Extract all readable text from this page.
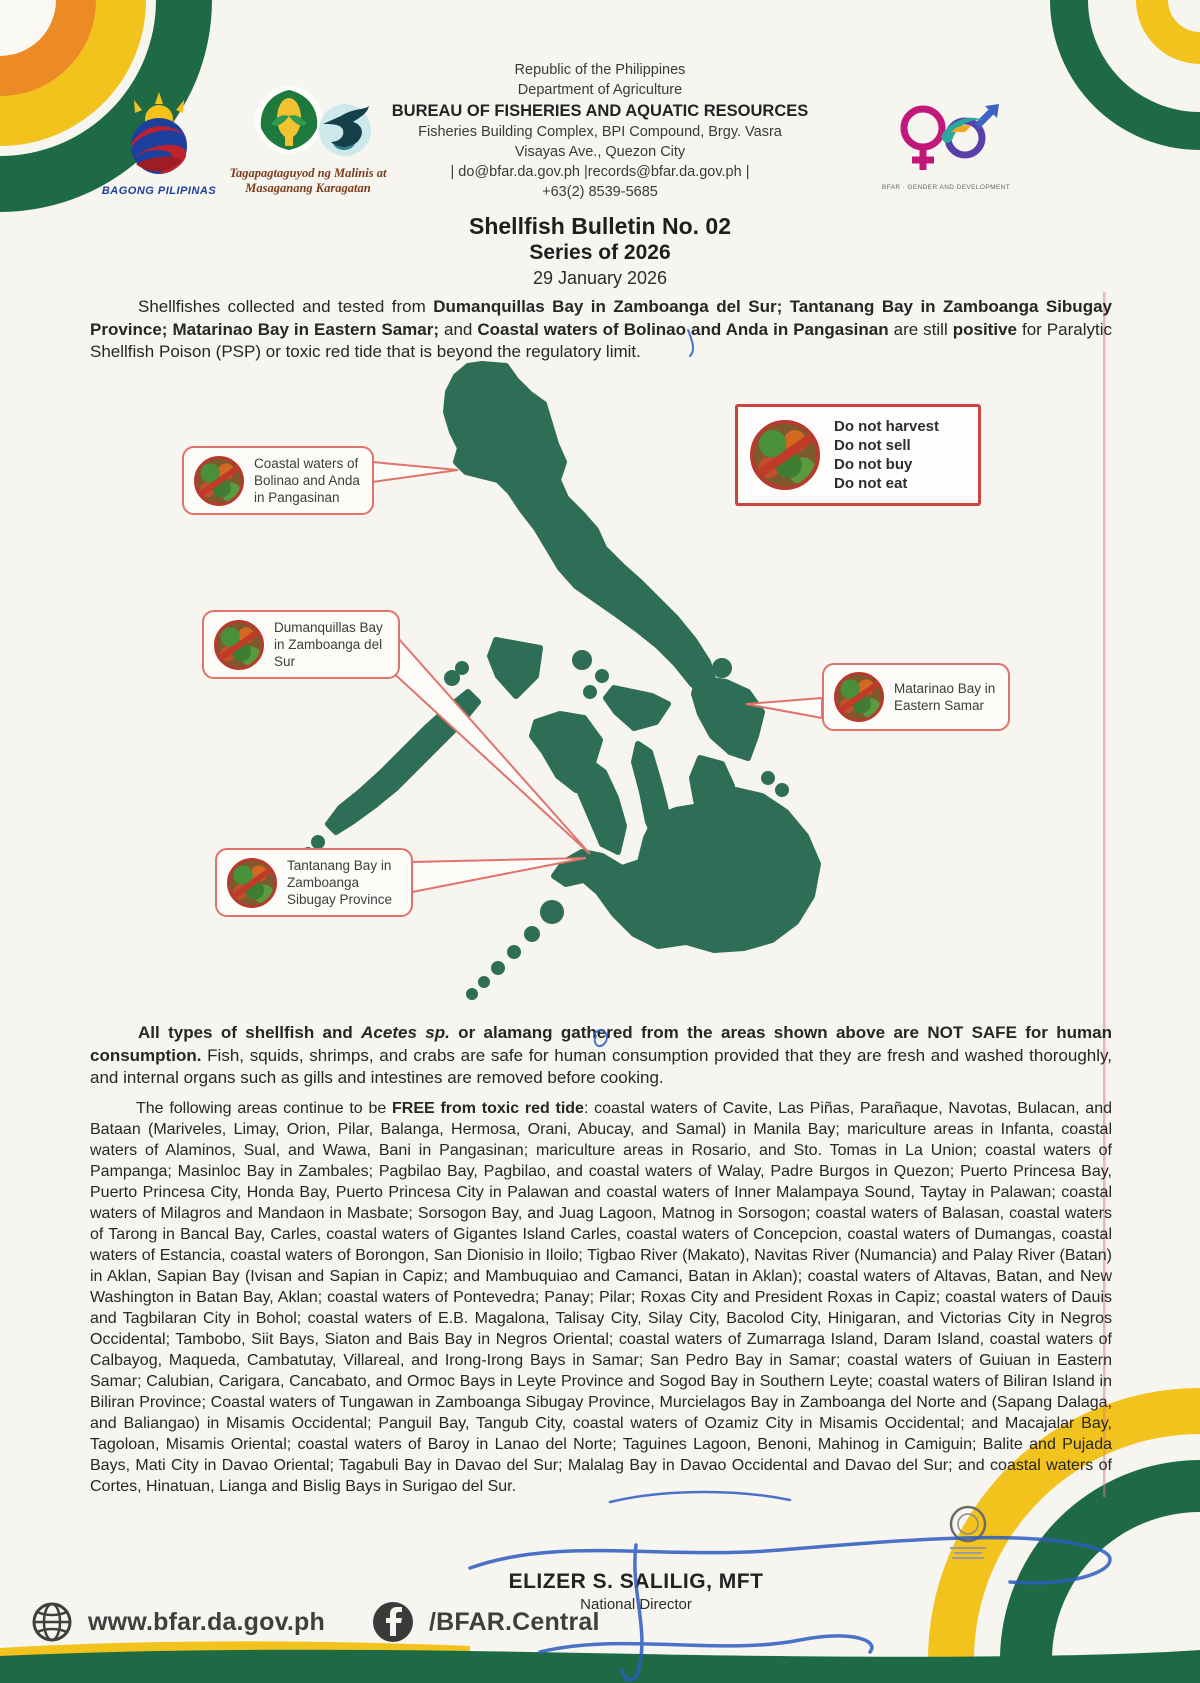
BAGONG PILIPINAS
Tagapagtaguyod ng Malinis at
Masaganang Karagatan
Republic of the Philippines
Department of Agriculture
BUREAU OF FISHERIES AND AQUATIC RESOURCES
Fisheries Building Complex, BPI Compound, Brgy. Vasra
Visayas Ave., Quezon City
| do@bfar.da.gov.ph |records@bfar.da.gov.ph |
+63(2) 8539-5685	BFAR · GENDER AND DEVELOPMENT
Shellfish Bulletin No. 02
Series of 2026
29 January 2026

Shellfishes collected and tested from Dumanquillas Bay in Zamboanga del Sur; Tantanang Bay in Zamboanga Sibugay Province; Matarinao Bay in Eastern Samar; and Coastal waters of Bolinao and Anda in Pangasinan are still positive for Paralytic Shellfish Poison (PSP) or toxic red tide that is beyond the regulatory limit.

Coastal waters of Bolinao and Anda in Pangasinan
Do not harvest
Do not sell
Do not buy
Do not eat
Dumanquillas Bay in Zamboanga del Sur
Matarinao Bay in Eastern Samar
Tantanang Bay in Zamboanga Sibugay Province

All types of shellfish and Acetes sp. or alamang gathered from the areas shown above are NOT SAFE for human consumption. Fish, squids, shrimps, and crabs are safe for human consumption provided that they are fresh and washed thoroughly, and internal organs such as gills and intestines are removed before cooking.

The following areas continue to be FREE from toxic red tide: coastal waters of Cavite, Las Piñas, Parañaque, Navotas, Bulacan, and Bataan (Mariveles, Limay, Orion, Pilar, Balanga, Hermosa, Orani, Abucay, and Samal) in Manila Bay; mariculture areas in Infanta, coastal waters of Alaminos, Sual, and Wawa, Bani in Pangasinan; mariculture areas in Rosario, and Sto. Tomas in La Union; coastal waters of Pampanga; Masinloc Bay in Zambales; Pagbilao Bay, Pagbilao, and coastal waters of Walay, Padre Burgos in Quezon; Puerto Princesa Bay, Puerto Princesa City, Honda Bay, Puerto Princesa City in Palawan and coastal waters of Inner Malampaya Sound, Taytay in Palawan; coastal waters of Milagros and Mandaon in Masbate; Sorsogon Bay, and Juag Lagoon, Matnog in Sorsogon; coastal waters of Balasan, coastal waters of Tarong in Bancal Bay, Carles, coastal waters of Gigantes Island Carles, coastal waters of Concepcion, coastal waters of Dumangas, coastal waters of Estancia, coastal waters of Borongon, San Dionisio in Iloilo; Tigbao River (Makato), Navitas River (Numancia) and Palay River (Batan) in Aklan, Sapian Bay (Ivisan and Sapian in Capiz; and Mambuquiao and Camanci, Batan in Aklan); coastal waters of Altavas, Batan, and New Washington in Batan Bay, Aklan; coastal waters of Pontevedra; Panay; Pilar; Roxas City and President Roxas in Capiz; coastal waters of Dauis and Tagbilaran City in Bohol; coastal waters of E.B. Magalona, Talisay City, Silay City, Bacolod City, Hinigaran, and Victorias City in Negros Occidental; Tambobo, Siit Bays, Siaton and Bais Bay in Negros Oriental; coastal waters of Zumarraga Island, Daram Island, coastal waters of Calbayog, Maqueda, Cambatutay, Villareal, and Irong-Irong Bays in Samar; San Pedro Bay in Samar; coastal waters of Guiuan in Eastern Samar; Calubian, Carigara, Cancabato, and Ormoc Bays in Leyte Province and Sogod Bay in Southern Leyte; coastal waters of Biliran Island in Biliran Province; Coastal waters of Tungawan in Zamboanga Sibugay Province, Murcielagos Bay in Zamboanga del Norte and (Sapang Dalaga, and Baliangao) in Misamis Occidental; Panguil Bay, Tangub City, coastal waters of Ozamiz City in Misamis Occidental; and Macajalar Bay, Tagoloan, Misamis Oriental; coastal waters of Baroy in Lanao del Norte; Taguines Lagoon, Benoni, Mahinog in Camiguin; Balite and Pujada Bays, Mati City in Davao Oriental; Tagabuli Bay in Davao del Sur; Malalag Bay in Davao Occidental and Davao del Sur; and coastal waters of Cortes, Hinatuan, Lianga and Bislig Bays in Surigao del Sur.

ELIZER S. SALILIG, MFT
National Director
www.bfar.da.gov.ph	/BFAR.Central
